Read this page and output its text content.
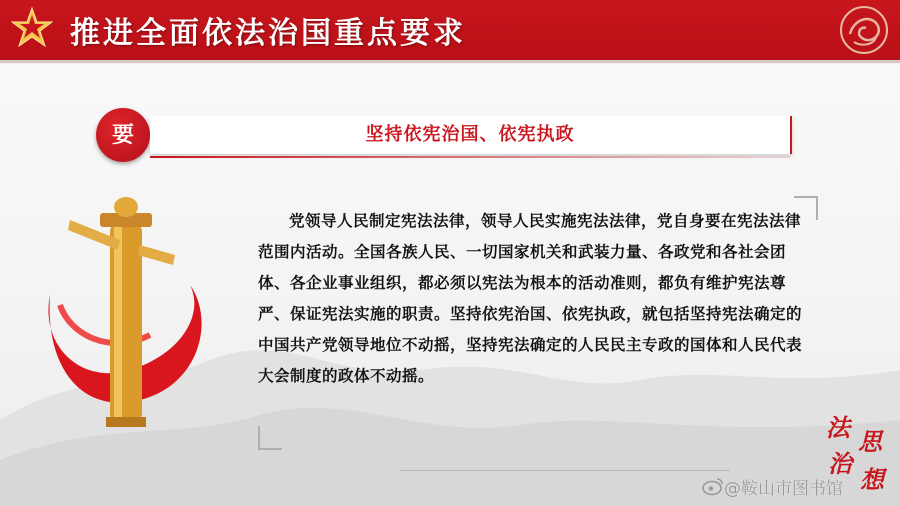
推进全面依法治国重点要求
要	坚持依宪治国、依宪执政
党领导人民制定宪法法律，领导人民实施宪法法律，党自身要在宪法法律范围内活动。全国各族人民、一切国家机关和武装力量、各政党和各社会团体、各企业事业组织，都必须以宪法为根本的活动准则，都负有维护宪法尊严、保证宪法实施的职责。坚持依宪治国、依宪执政，就包括坚持宪法确定的中国共产党领导地位不动摇，坚持宪法确定的人民民主专政的国体和人民代表大会制度的政体不动摇。
法
治
思
想
@鞍山市图书馆
